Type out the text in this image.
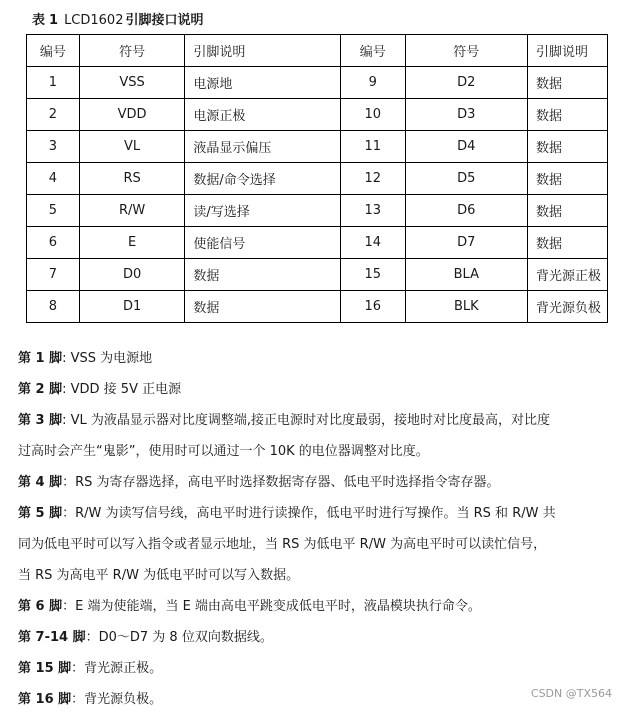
表 1 LCD1602 引脚接口说明
编号	符号	引脚说明	编号	符号	引脚说明
1	VSS	电源地	9	D2	数据
2	VDD	电源正极	10	D3	数据
3	VL	液晶显示偏压	11	D4	数据
4	RS	数据/命令选择	12	D5	数据
5	R/W	读/写选择	13	D6	数据
6	E	使能信号	14	D7	数据
7	D0	数据	15	BLA	背光源正极
8	D1	数据	16	BLK	背光源负极

第 1 脚: VSS 为电源地

第 2 脚: VDD 接 5V 正电源

第 3 脚: VL 为液晶显示器对比度调整端,接正电源时对比度最弱，接地时对比度最高，对比度

过高时会产生“鬼影”，使用时可以通过一个 10K 的电位器调整对比度。

第 4 脚：RS 为寄存器选择，高电平时选择数据寄存器、低电平时选择指令寄存器。

第 5 脚：R/W 为读写信号线，高电平时进行读操作，低电平时进行写操作。当 RS 和 R/W 共

同为低电平时可以写入指令或者显示地址，当 RS 为低电平 R/W 为高电平时可以读忙信号，

当 RS 为高电平 R/W 为低电平时可以写入数据。

第 6 脚：E 端为使能端，当 E 端由高电平跳变成低电平时，液晶模块执行命令。

第 7-14 脚：D0～D7 为 8 位双向数据线。

第 15 脚：背光源正极。

第 16 脚：背光源负极。	CSDN @TX564
